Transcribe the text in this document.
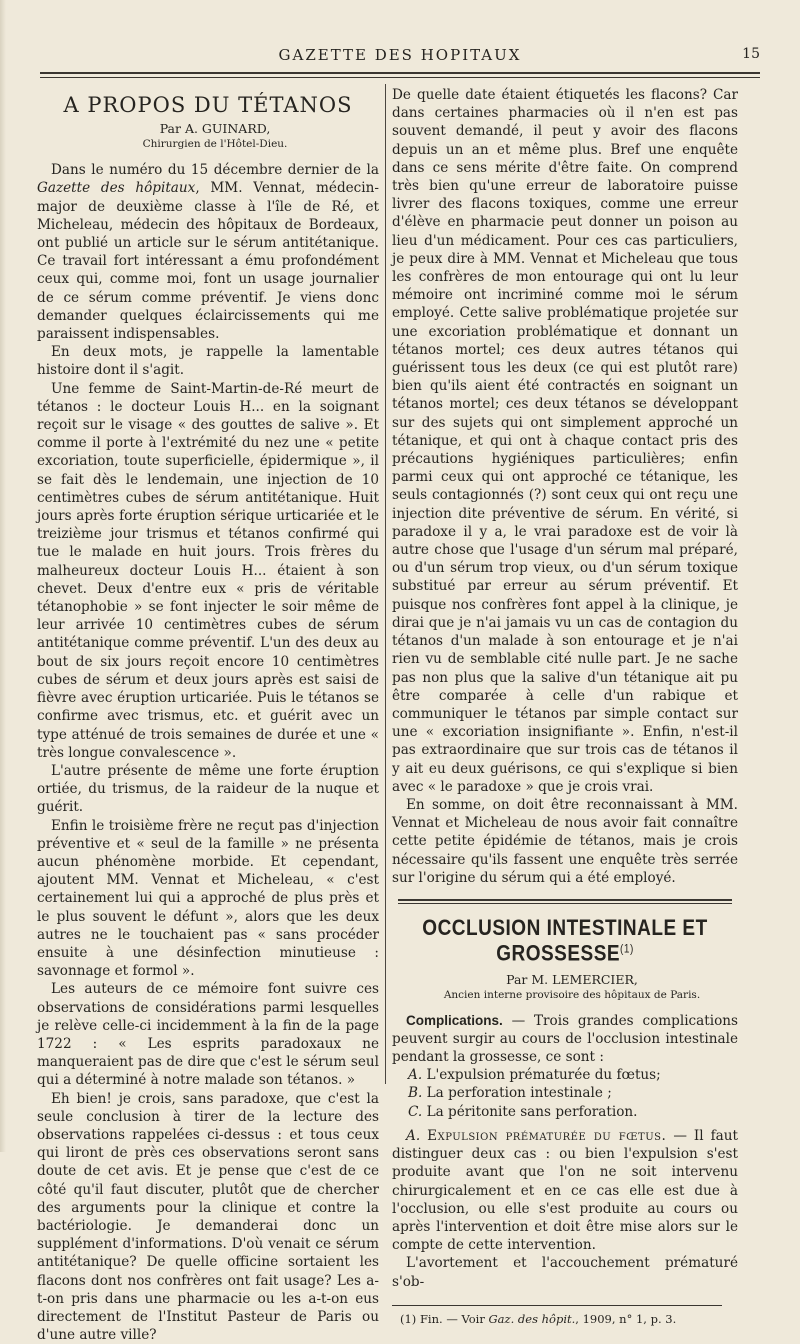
GAZETTE DES HOPITAUX	15
A PROPOS DU TÉTANOS

Par A. GUINARD,

Chirurgien de l'Hôtel-Dieu.

Dans le numéro du 15 décembre dernier de la Gazette des hôpitaux, MM. Vennat, médecin-major de deuxième classe à l'île de Ré, et Micheleau, médecin des hôpitaux de Bordeaux, ont publié un article sur le sérum antitétanique. Ce travail fort intéressant a ému profondément ceux qui, comme moi, font un usage journalier de ce sérum comme préventif. Je viens donc demander quelques éclaircissements qui me paraissent indispensables.

En deux mots, je rappelle la lamentable histoire dont il s'agit.

Une femme de Saint-Martin-de-Ré meurt de tétanos : le docteur Louis H... en la soignant reçoit sur le visage « des gouttes de salive ». Et comme il porte à l'extrémité du nez une « petite excoriation, toute superficielle, épidermique », il se fait dès le lendemain, une injection de 10 centimètres cubes de sérum antitétanique. Huit jours après forte éruption sérique urticariée et le treizième jour trismus et tétanos confirmé qui tue le malade en huit jours. Trois frères du malheureux docteur Louis H... étaient à son chevet. Deux d'entre eux « pris de véritable tétanophobie » se font injecter le soir même de leur arrivée 10 centimètres cubes de sérum antitétanique comme préventif. L'un des deux au bout de six jours reçoit encore 10 centimètres cubes de sérum et deux jours après est saisi de fièvre avec éruption urticariée. Puis le tétanos se confirme avec trismus, etc. et guérit avec un type atténué de trois semaines de durée et une « très longue convalescence ».

L'autre présente de même une forte éruption ortiée, du trismus, de la raideur de la nuque et guérit.

Enfin le troisième frère ne reçut pas d'injection préventive et « seul de la famille » ne présenta aucun phénomène morbide. Et cependant, ajoutent MM. Vennat et Micheleau, « c'est certainement lui qui a approché de plus près et le plus souvent le défunt », alors que les deux autres ne le touchaient pas « sans procéder ensuite à une désinfection minutieuse : savonnage et formol ».

Les auteurs de ce mémoire font suivre ces observations de considérations parmi lesquelles je relève celle-ci incidemment à la fin de la page 1722 : « Les esprits paradoxaux ne manqueraient pas de dire que c'est le sérum seul qui a déterminé à notre malade son tétanos. »

Eh bien! je crois, sans paradoxe, que c'est la seule conclusion à tirer de la lecture des observations rappelées ci-dessus : et tous ceux qui liront de près ces observations seront sans doute de cet avis. Et je pense que c'est de ce côté qu'il faut discuter, plutôt que de chercher des arguments pour la clinique et contre la bactériologie. Je demanderai donc un supplément d'informations. D'où venait ce sérum antitétanique? De quelle officine sortaient les flacons dont nos confrères ont fait usage? Les a-t-on pris dans une pharmacie ou les a-t-on eus directement de l'Institut Pasteur de Paris ou d'une autre ville?

De quelle date étaient étiquetés les flacons? Car dans certaines pharmacies où il n'en est pas souvent demandé, il peut y avoir des flacons depuis un an et même plus. Bref une enquête dans ce sens mérite d'être faite. On comprend très bien qu'une erreur de laboratoire puisse livrer des flacons toxiques, comme une erreur d'élève en pharmacie peut donner un poison au lieu d'un médicament. Pour ces cas particuliers, je peux dire à MM. Vennat et Micheleau que tous les confrères de mon entourage qui ont lu leur mémoire ont incriminé comme moi le sérum employé. Cette salive problématique projetée sur une excoriation problématique et donnant un tétanos mortel; ces deux autres tétanos qui guérissent tous les deux (ce qui est plutôt rare) bien qu'ils aient été contractés en soignant un tétanos mortel; ces deux tétanos se développant sur des sujets qui ont simplement approché un tétanique, et qui ont à chaque contact pris des précautions hygiéniques particulières; enfin parmi ceux qui ont approché ce tétanique, les seuls contagionnés (?) sont ceux qui ont reçu une injection dite préventive de sérum. En vérité, si paradoxe il y a, le vrai paradoxe est de voir là autre chose que l'usage d'un sérum mal préparé, ou d'un sérum trop vieux, ou d'un sérum toxique substitué par erreur au sérum préventif. Et puisque nos confrères font appel à la clinique, je dirai que je n'ai jamais vu un cas de contagion du tétanos d'un malade à son entourage et je n'ai rien vu de semblable cité nulle part. Je ne sache pas non plus que la salive d'un tétanique ait pu être comparée à celle d'un rabique et communiquer le tétanos par simple contact sur une « excoriation insignifiante ». Enfin, n'est-il pas extraordinaire que sur trois cas de tétanos il y ait eu deux guérisons, ce qui s'explique si bien avec « le paradoxe » que je crois vrai.

En somme, on doit être reconnaissant à MM. Vennat et Micheleau de nous avoir fait connaître cette petite épidémie de tétanos, mais je crois nécessaire qu'ils fassent une enquête très serrée sur l'origine du sérum qui a été employé.

OCCLUSION INTESTINALE ET GROSSESSE$^{(1)}$

Par M. LEMERCIER,

Ancien interne provisoire des hôpitaux de Paris.

Complications. — Trois grandes complications peuvent surgir au cours de l'occlusion intestinale pendant la grossesse, ce sont :

A. L'expulsion prématurée du fœtus;

B. La perforation intestinale ;

C. La péritonite sans perforation.

A. Expulsion prématurée du fœtus. — Il faut distinguer deux cas : ou bien l'expulsion s'est produite avant que l'on ne soit intervenu chirurgicalement et en ce cas elle est due à l'occlusion, ou elle s'est produite au cours ou après l'intervention et doit être mise alors sur le compte de cette intervention.

L'avortement et l'accouchement prématuré s'ob-

(1) Fin. — Voir Gaz. des hôpit., 1909, n° 1, p. 3.
